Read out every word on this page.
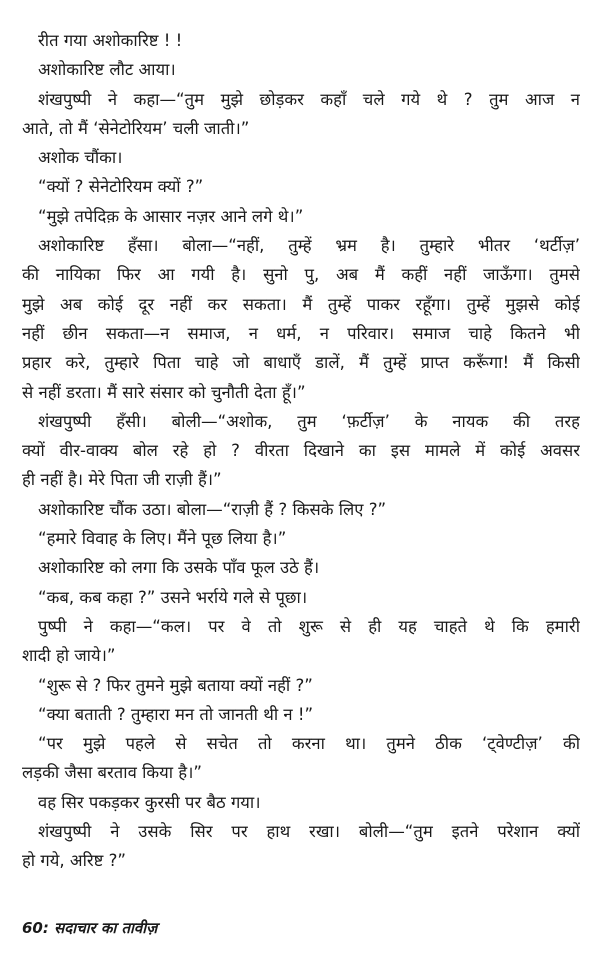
रीत गया अशोकारिष्ट ! !
अशोकारिष्ट लौट आया।
शंखपुष्पी ने कहा—“तुम मुझे छोड़कर कहाँ चले गये थे ? तुम आज न
आते, तो मैं ‘सेनेटोरियम’ चली जाती।”
अशोक चौंका।
“क्यों ? सेनेटोरियम क्यों ?”
“मुझे तपेदिक़ के आसार नज़र आने लगे थे।”
अशोकारिष्ट हँसा। बोला—“नहीं, तुम्हें भ्रम है। तुम्हारे भीतर ‘थर्टीज़’
की नायिका फिर आ गयी है। सुनो पु, अब मैं कहीं नहीं जाऊँगा। तुमसे
मुझे अब कोई दूर नहीं कर सकता। मैं तुम्हें पाकर रहूँगा। तुम्हें मुझसे कोई
नहीं छीन सकता—न समाज, न धर्म, न परिवार। समाज चाहे कितने भी
प्रहार करे, तुम्हारे पिता चाहे जो बाधाएँ डालें, मैं तुम्हें प्राप्त करूँगा! मैं किसी
से नहीं डरता। मैं सारे संसार को चुनौती देता हूँ।”
शंखपुष्पी हँसी। बोली—“अशोक, तुम ‘फ़र्टीज़’ के नायक की तरह
क्यों वीर-वाक्य बोल रहे हो ? वीरता दिखाने का इस मामले में कोई अवसर
ही नहीं है। मेरे पिता जी राज़ी हैं।”
अशोकारिष्ट चौंक उठा। बोला—“राज़ी हैं ? किसके लिए ?”
“हमारे विवाह के लिए। मैंने पूछ लिया है।”
अशोकारिष्ट को लगा कि उसके पाँव फूल उठे हैं।
“कब, कब कहा ?” उसने भर्राये गले से पूछा।
पुष्पी ने कहा—“कल। पर वे तो शुरू से ही यह चाहते थे कि हमारी
शादी हो जाये।”
“शुरू से ? फिर तुमने मुझे बताया क्यों नहीं ?”
“क्या बताती ? तुम्हारा मन तो जानती थी न !”
“पर मुझे पहले से सचेत तो करना था। तुमने ठीक ‘ट्वेण्टीज़’ की
लड़की जैसा बरताव किया है।”
वह सिर पकड़कर कुरसी पर बैठ गया।
शंखपुष्पी ने उसके सिर पर हाथ रखा। बोली—“तुम इतने परेशान क्यों
हो गये, अरिष्ट ?”
60: सदाचार का तावीज़
